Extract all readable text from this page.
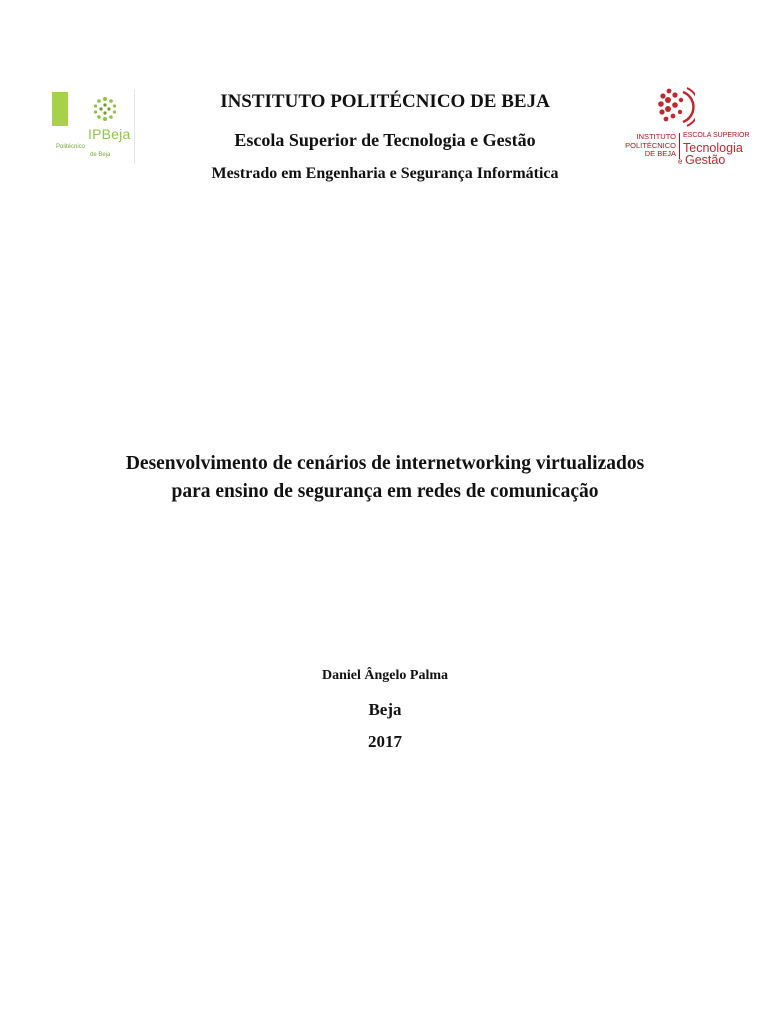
IPBeja
Politécnico
de Beja
INSTITUTO
POLITÉCNICO
DE BEJA
ESCOLA SUPERIOR
Tecnologia
e Gestão
INSTITUTO POLITÉCNICO DE BEJA
Escola Superior de Tecnologia e Gestão
Mestrado em Engenharia e Segurança Informática
Desenvolvimento de cenários de internetworking virtualizados
para ensino de segurança em redes de comunicação
Daniel Ângelo Palma
Beja
2017
